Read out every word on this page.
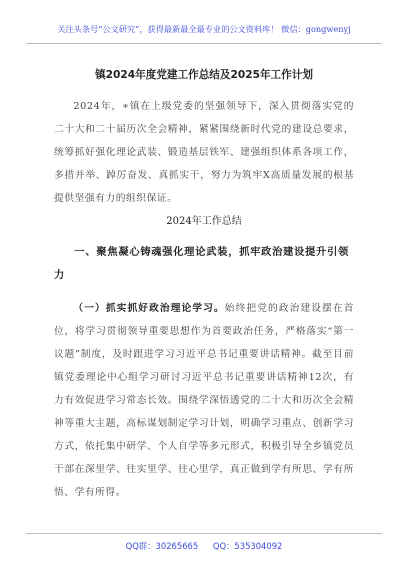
关注头条号“公文研究”，获得最新最全最专业的公文资料库！ 微信：gongwenyj
镇2024年度党建工作总结及2025年工作计划
2024年，∗镇在上级党委的坚强领导下，深入贯彻落实党的二十大和二十届历次全会精神，紧紧围绕新时代党的建设总要求，统筹抓好强化理论武装、锻造基层铁军、建强组织体系各项工作，多措并举、踔厉奋发、真抓实干，努力为筑牢X高质量发展的根基提供坚强有力的组织保证。
2024年工作总结
一、聚焦凝心铸魂强化理论武装，抓牢政治建设提升引领力
（一）抓实抓好政治理论学习。始终把党的政治建设摆在首位，将学习贯彻领导重要思想作为首要政治任务，严格落实“第一议题”制度，及时跟进学习习近平总书记重要讲话精神。截至目前镇党委理论中心组学习研讨习近平总书记重要讲话精神12次，有力有效促进学习常态长效。围绕学深悟透党的二十大和历次全会精神等重大主题，高标谋划制定学习计划，明确学习重点、创新学习方式，依托集中研学、个人自学等多元形式，积极引导全乡镇党员干部在深里学、往实里学、往心里学，真正做到学有所思、学有所悟、学有所得。
QQ群：30265665 QQ：535304092
